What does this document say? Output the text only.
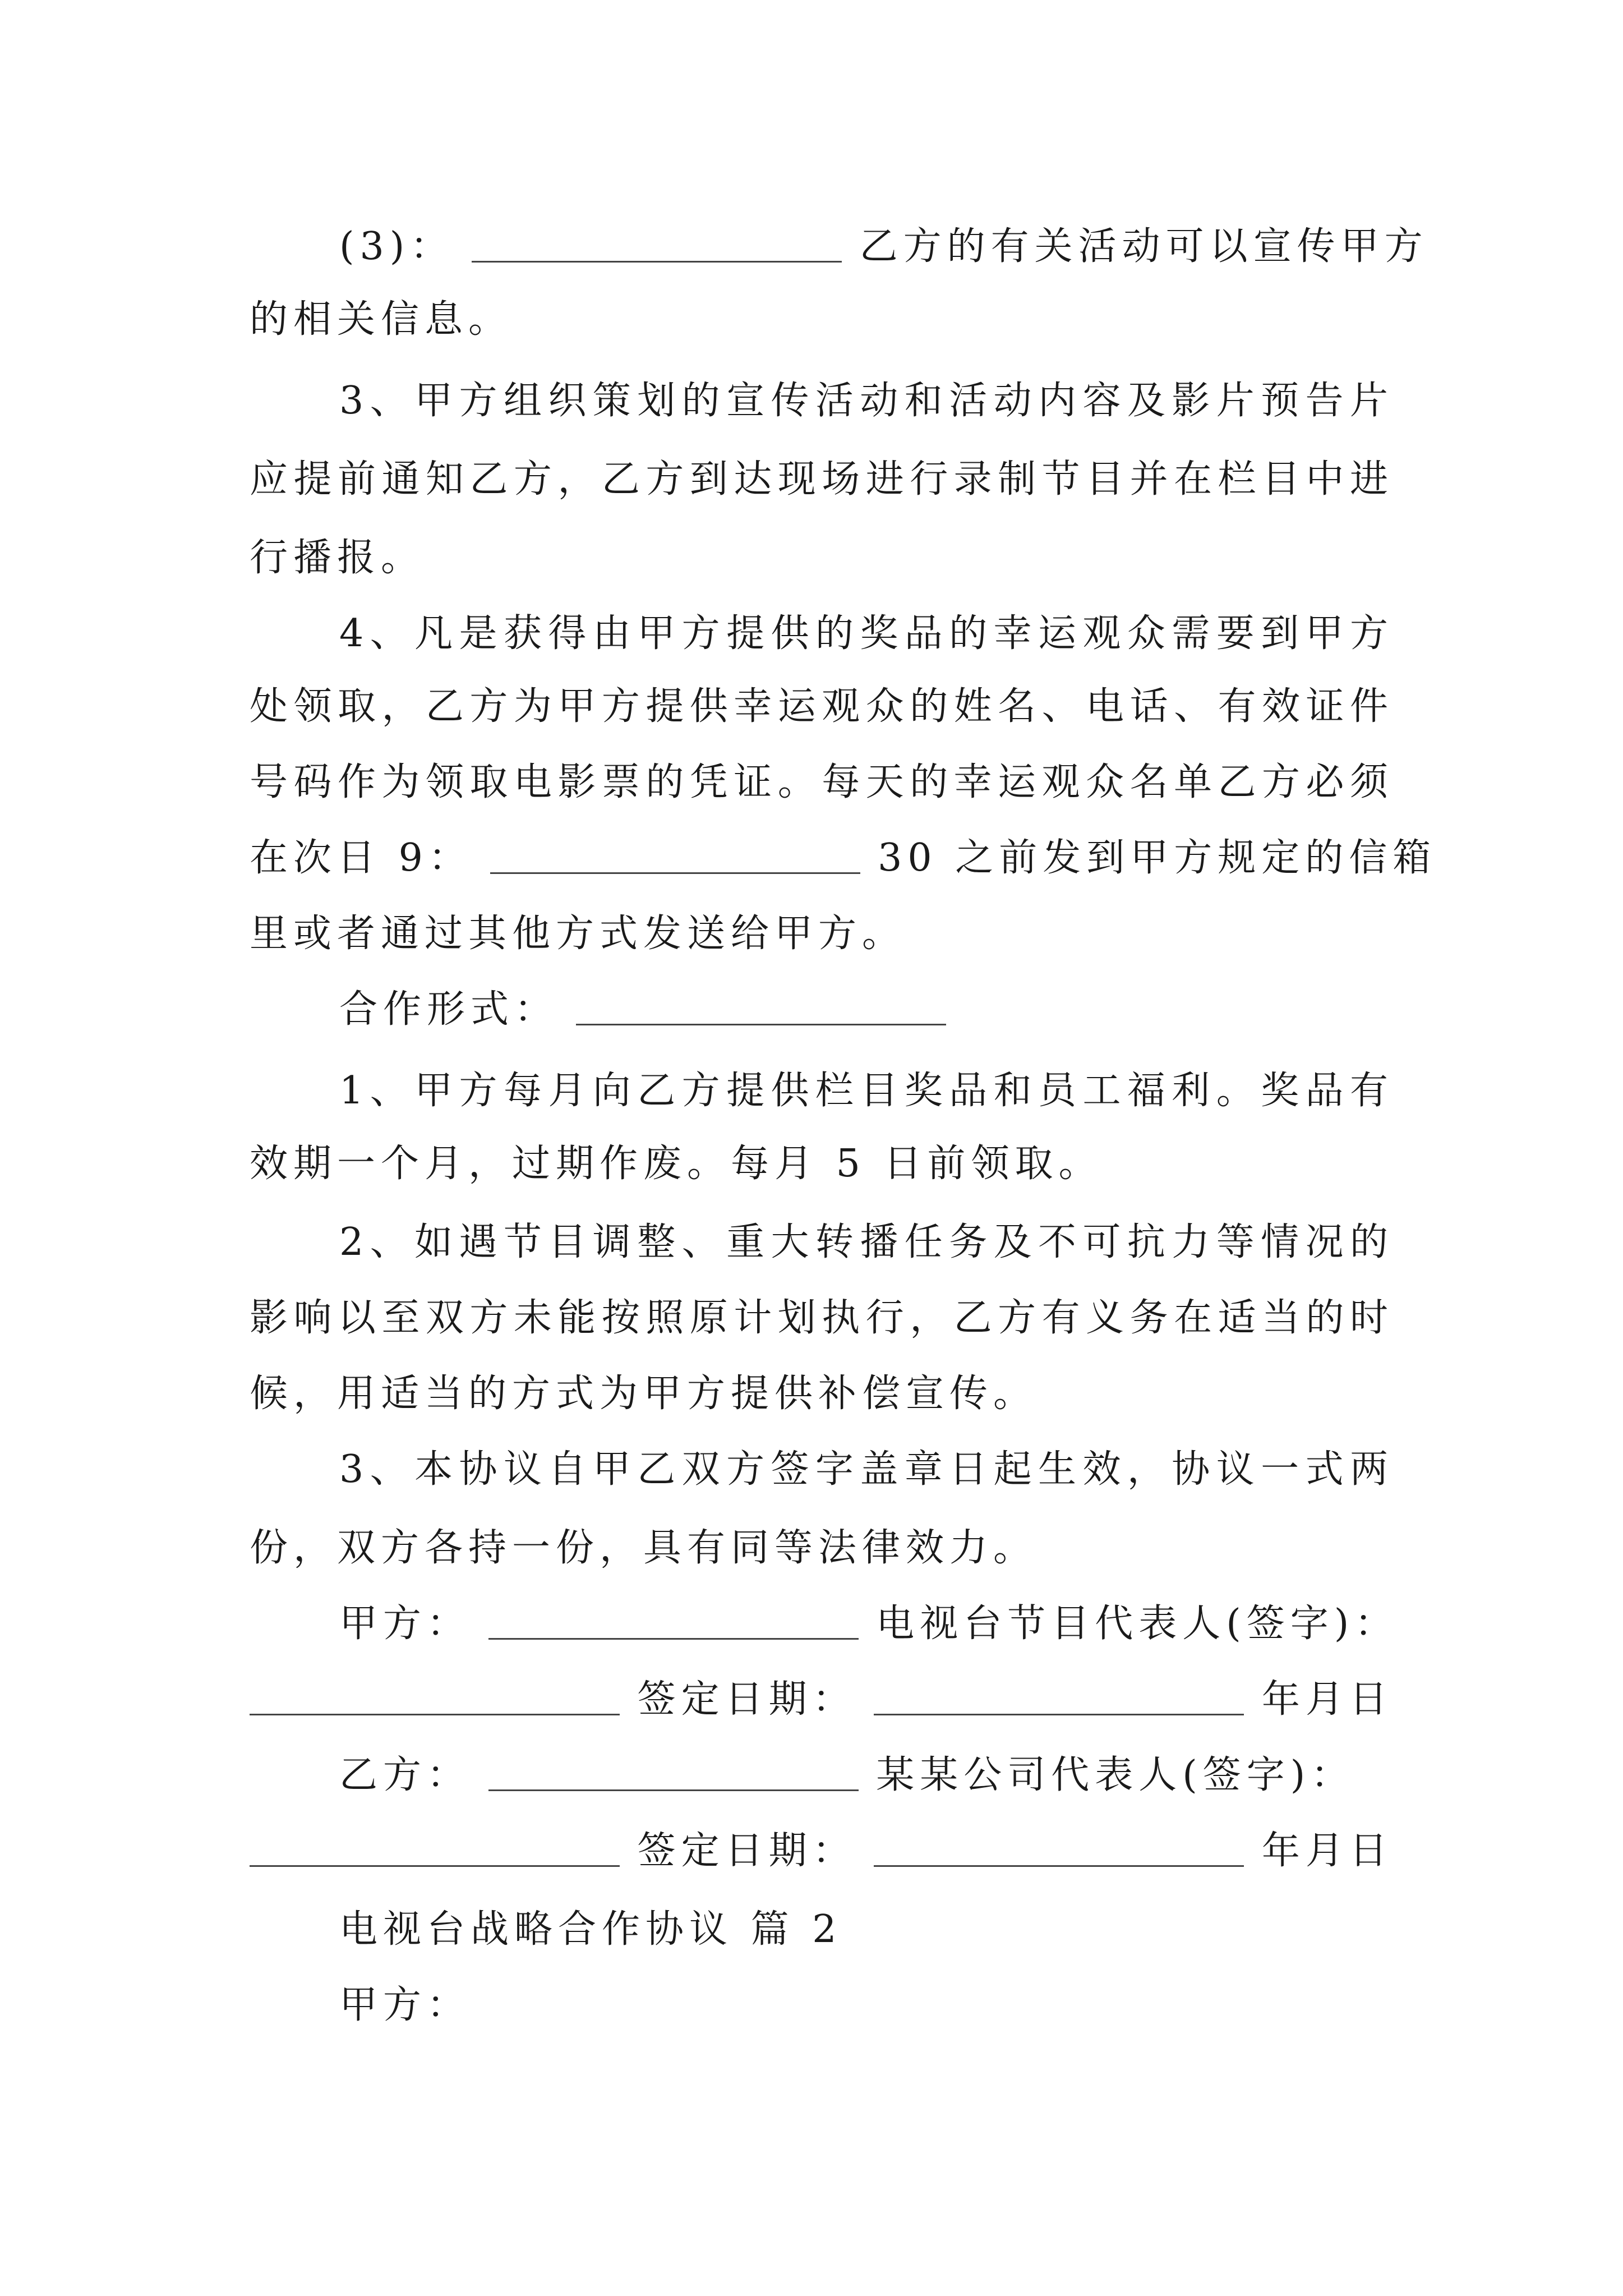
(3)：	乙方的有关活动可以宣传甲方
的相关信息。
3、甲方组织策划的宣传活动和活动内容及影片预告片
应提前通知乙方，乙方到达现场进行录制节目并在栏目中进
行播报。
4、凡是获得由甲方提供的奖品的幸运观众需要到甲方
处领取，乙方为甲方提供幸运观众的姓名、电话、有效证件
号码作为领取电影票的凭证。每天的幸运观众名单乙方必须
在次日 9：	30 之前发到甲方规定的信箱
里或者通过其他方式发送给甲方。
合作形式：
1、甲方每月向乙方提供栏目奖品和员工福利。奖品有
效期一个月，过期作废。每月 5 日前领取。
2、如遇节目调整、重大转播任务及不可抗力等情况的
影响以至双方未能按照原计划执行，乙方有义务在适当的时
候，用适当的方式为甲方提供补偿宣传。
3、本协议自甲乙双方签字盖章日起生效，协议一式两
份，双方各持一份，具有同等法律效力。
甲方：	电视台节目代表人(签字)：
签定日期：	年月日
乙方：	某某公司代表人(签字)：
签定日期：	年月日
电视台战略合作协议 篇 2
甲方：
